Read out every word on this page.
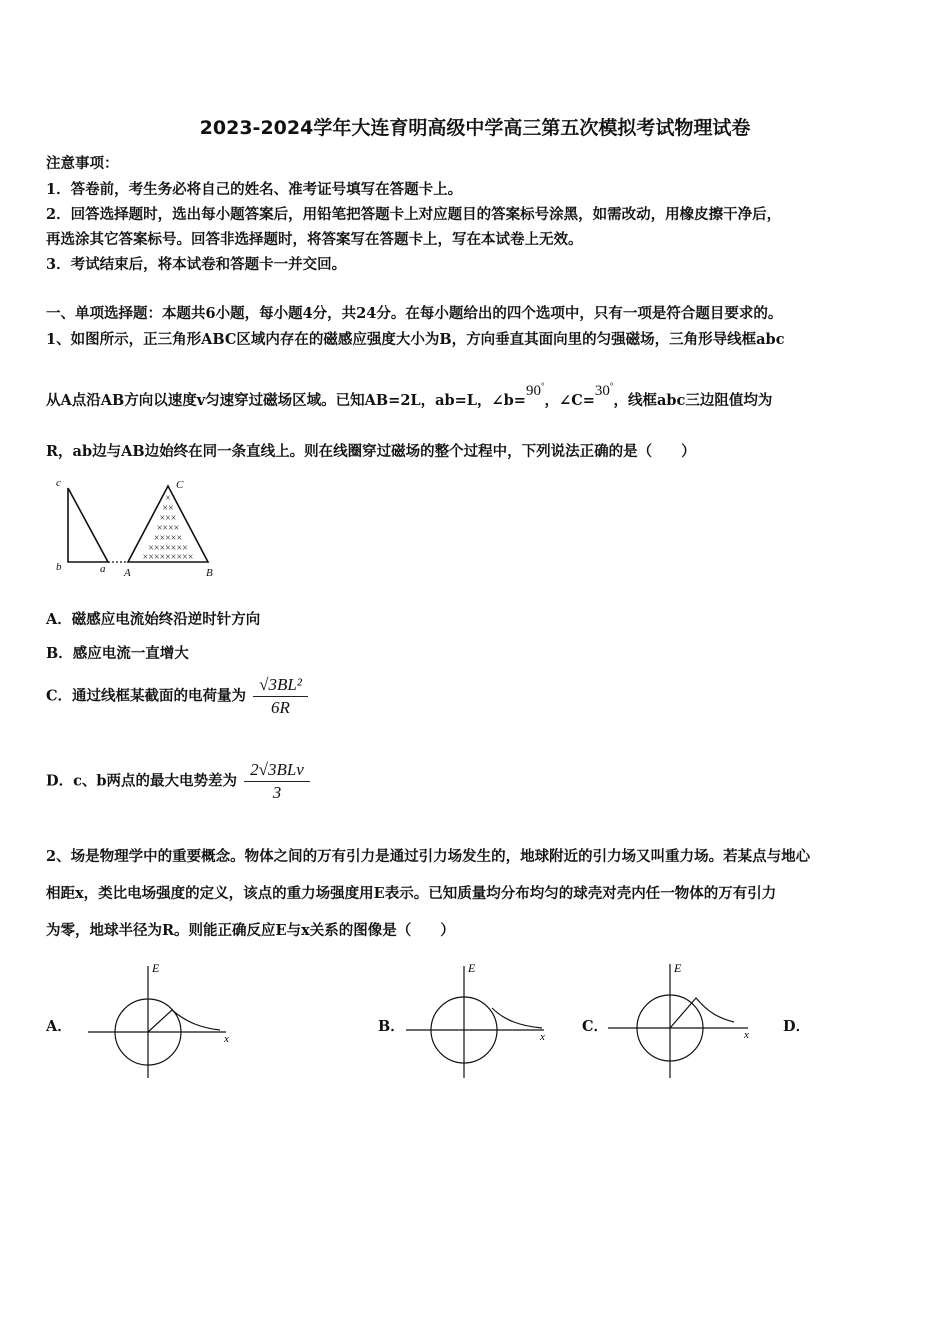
2023-2024学年大连育明高级中学高三第五次模拟考试物理试卷
注意事项：
1．答卷前，考生务必将自己的姓名、准考证号填写在答题卡上。
2．回答选择题时，选出每小题答案后，用铅笔把答题卡上对应题目的答案标号涂黑，如需改动，用橡皮擦干净后，
再选涂其它答案标号。回答非选择题时，将答案写在答题卡上，写在本试卷上无效。
3．考试结束后，将本试卷和答题卡一并交回。
一、单项选择题：本题共6小题，每小题4分，共24分。在每小题给出的四个选项中，只有一项是符合题目要求的。
1、如图所示，正三角形ABC区域内存在的磁感应强度大小为B，方向垂直其面向里的匀强磁场，三角形导线框abc
从A点沿AB方向以速度v匀速穿过磁场区域。已知AB=2L，ab=L，∠b=90°，∠C=30°，线框abc三边阻值均为
R，ab边与AB边始终在同一条直线上。则在线圈穿过磁场的整个过程中，下列说法正确的是（　　）
×
××
×××
××××
×××××
×××××××
×××××××××
c
b	a A	B
C
A．磁感应电流始终沿逆时针方向
B．感应电流一直增大
C．通过线框某截面的电荷量为 $\frac{\text{√3BL²}}{6R}$
D．c、b两点的最大电势差为 $\frac{\text{2√3BLv}}{3}$
2、场是物理学中的重要概念。物体之间的万有引力是通过引力场发生的，地球附近的引力场又叫重力场。若某点与地心
相距x，类比电场强度的定义，该点的重力场强度用E表示。已知质量均分布均匀的球壳对壳内任一物体的万有引力
为零，地球半径为R。则能正确反应E与x关系的图像是（　　）
A．	B．	C．	D．
E
x
E
x
E
x
